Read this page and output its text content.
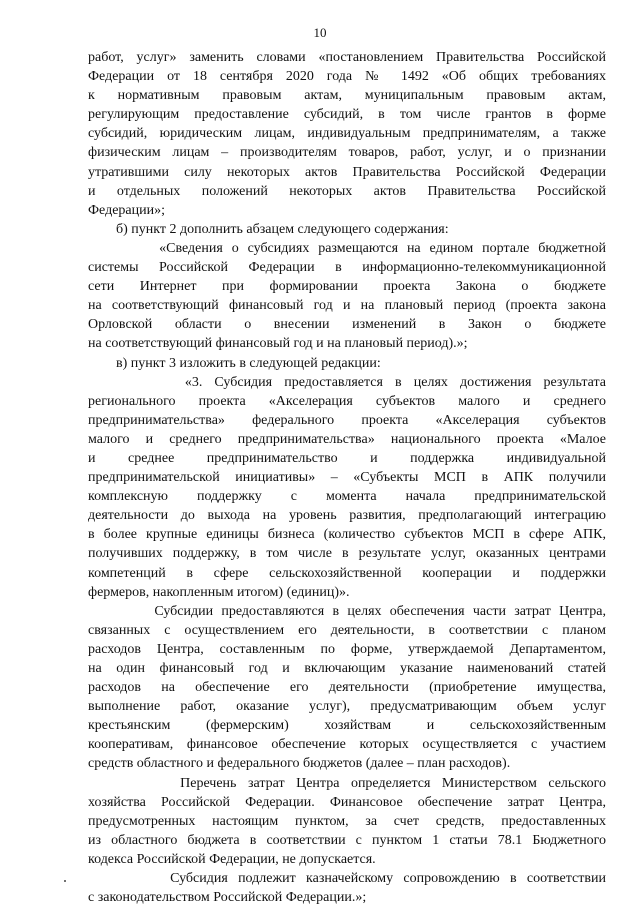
10
работ, услуг» заменить словами «постановлением Правительства Российской
Федерации от 18 сентября 2020 года № 1492 «Об общих требованиях
к нормативным правовым актам, муниципальным правовым актам,
регулирующим предоставление субсидий, в том числе грантов в форме
субсидий, юридическим лицам, индивидуальным предпринимателям, а также
физическим лицам – производителям товаров, работ, услуг, и о признании
утратившими силу некоторых актов Правительства Российской Федерации
и отдельных положений некоторых актов Правительства Российской
Федерации»;
б) пункт 2 дополнить абзацем следующего содержания:
«Сведения о субсидиях размещаются на едином портале бюджетной
системы Российской Федерации в информационно-телекоммуникационной
сети Интернет при формировании проекта Закона о бюджете
на соответствующий финансовый год и на плановый период (проекта закона
Орловской области о внесении изменений в Закон о бюджете
на соответствующий финансовый год и на плановый период).»;
в) пункт 3 изложить в следующей редакции:
«3. Субсидия предоставляется в целях достижения результата
регионального проекта «Акселерация субъектов малого и среднего
предпринимательства» федерального проекта «Акселерация субъектов
малого и среднего предпринимательства» национального проекта «Малое
и среднее предпринимательство и поддержка индивидуальной
предпринимательской инициативы» – «Субъекты МСП в АПК получили
комплексную поддержку с момента начала предпринимательской
деятельности до выхода на уровень развития, предполагающий интеграцию
в более крупные единицы бизнеса (количество субъектов МСП в сфере АПК,
получивших поддержку, в том числе в результате услуг, оказанных центрами
компетенций в сфере сельскохозяйственной кооперации и поддержки
фермеров, накопленным итогом) (единиц)».
Субсидии предоставляются в целях обеспечения части затрат Центра,
связанных с осуществлением его деятельности, в соответствии с планом
расходов Центра, составленным по форме, утверждаемой Департаментом,
на один финансовый год и включающим указание наименований статей
расходов на обеспечение его деятельности (приобретение имущества,
выполнение работ, оказание услуг), предусматривающим объем услуг
крестьянским (фермерским) хозяйствам и сельскохозяйственным
кооперативам, финансовое обеспечение которых осуществляется с участием
средств областного и федерального бюджетов (далее – план расходов).
Перечень затрат Центра определяется Министерством сельского
хозяйства Российской Федерации. Финансовое обеспечение затрат Центра,
предусмотренных настоящим пунктом, за счет средств, предоставленных
из областного бюджета в соответствии с пунктом 1 статьи 78.1 Бюджетного
кодекса Российской Федерации, не допускается.
Субсидия подлежит казначейскому сопровождению в соответствии
с законодательством Российской Федерации.»;
